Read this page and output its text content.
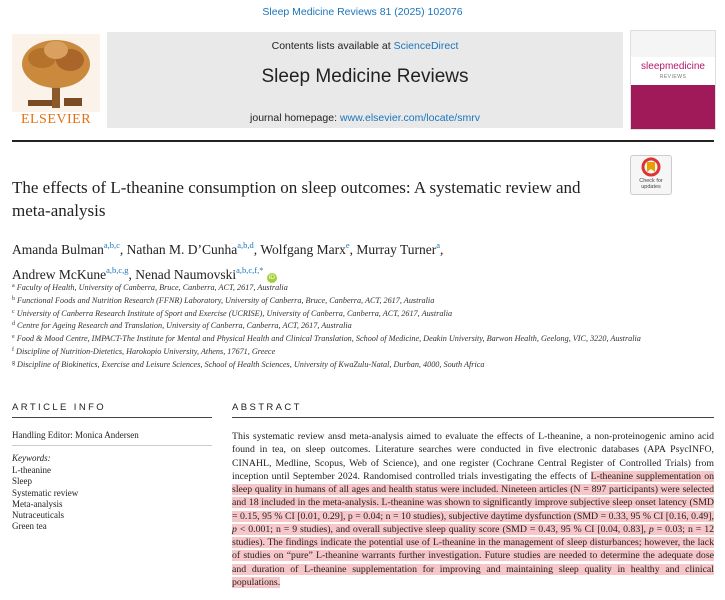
Sleep Medicine Reviews 81 (2025) 102076
ELSEVIER
Contents lists available at ScienceDirect
Sleep Medicine Reviews
journal homepage: www.elsevier.com/locate/smrv
sleepmedicine
REVIEWS
Check for updates
The effects of L-theanine consumption on sleep outcomes: A systematic review and meta-analysis
Amanda Bulman$^{a,b,c}$, Nathan M. D’Cunha$^{a,b,d}$, Wolfgang Marx$^e$, Murray Turner$^a$,
Andrew McKune$^{a,b,c,g}$, Nenad Naumovski$^{a,b,c,f,*}$ iD
$^a$ Faculty of Health, University of Canberra, Bruce, Canberra, ACT, 2617, Australia
$^b$ Functional Foods and Nutrition Research (FFNR) Laboratory, University of Canberra, Bruce, Canberra, ACT, 2617, Australia
$^c$ University of Canberra Research Institute of Sport and Exercise (UCRISE), University of Canberra, Canberra, ACT, 2617, Australia
$^d$ Centre for Ageing Research and Translation, University of Canberra, Canberra, ACT, 2617, Australia
$^e$ Food & Mood Centre, IMPACT-The Institute for Mental and Physical Health and Clinical Translation, School of Medicine, Deakin University, Barwon Health, Geelong, VIC, 3220, Australia
$^f$ Discipline of Nutrition-Dietetics, Harokopio University, Athens, 17671, Greece
$^g$ Discipline of Biokinetics, Exercise and Leisure Sciences, School of Health Sciences, University of KwaZulu-Natal, Durban, 4000, South Africa
ARTICLE INFO
Handling Editor: Monica Andersen
Keywords:
L-theanine
Sleep
Systematic review
Meta-analysis
Nutraceuticals
Green tea
ABSTRACT
This systematic review ansd meta-analysis aimed to evaluate the effects of L-theanine, a non-proteinogenic amino acid found in tea, on sleep outcomes. Literature searches were conducted in five electronic databases (APA PsycINFO, CINAHL, Medline, Scopus, Web of Science), and one register (Cochrane Central Register of Controlled Trials) from inception until September 2024. Randomised controlled trials investigating the effects of L-theanine supplementation on sleep quality in humans of all ages and health status were included. Nineteen articles (N = 897 participants) were selected and 18 included in the meta-analysis. L-theanine was shown to significantly improve subjective sleep onset latency (SMD = 0.15, 95 % CI [0.01, 0.29], p = 0.04; n = 10 studies), subjective daytime dysfunction (SMD = 0.33, 95 % CI [0.16, 0.49], p < 0.001; n = 9 studies), and overall subjective sleep quality score (SMD = 0.43, 95 % CI [0.04, 0.83], p = 0.03; n = 12 studies). The findings indicate the potential use of L-theanine in the management of sleep disturbances; however, the lack of studies on “pure” L-theanine warrants further investigation. Future studies are needed to determine the adequate dose and duration of L-theanine supplementation for improving and maintaining sleep quality in healthy and clinical populations.
